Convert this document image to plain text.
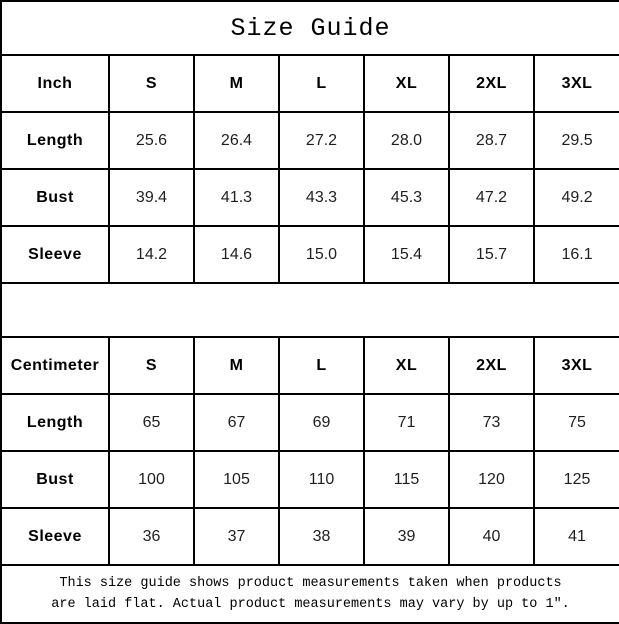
Size Guide						
Inch	S	M	L	XL	2XL	3XL
Length	25.6	26.4	27.2	28.0	28.7	29.5
Bust	39.4	41.3	43.3	45.3	47.2	49.2
Sleeve	14.2	14.6	15.0	15.4	15.7	16.1

Centimeter	S	M	L	XL	2XL	3XL
Length	65	67	69	71	73	75
Bust	100	105	110	115	120	125
Sleeve	36	37	38	39	40	41

This size guide shows product measurements taken when products
are laid flat. Actual product measurements may vary by up to 1″.						
